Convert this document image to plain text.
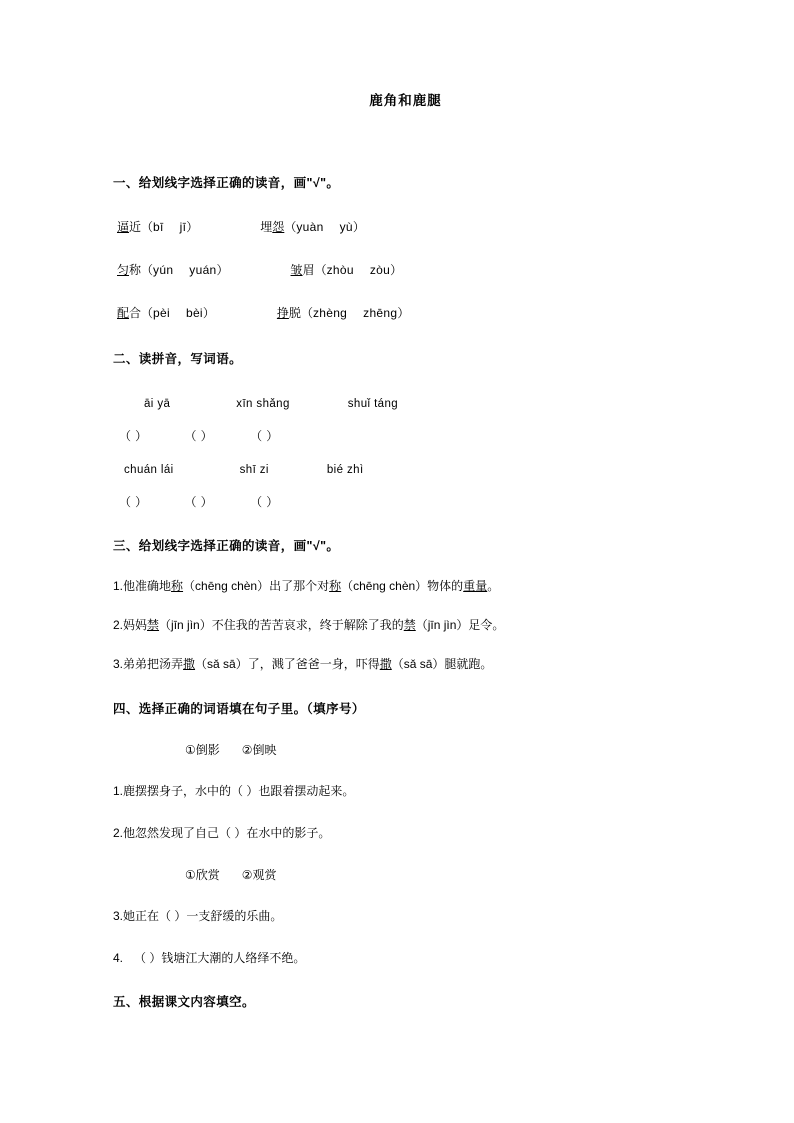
鹿角和鹿腿
一、给划线字选择正确的读音，画"√"。
逼近（bī jī）	埋怨（yuàn yù）
匀称（yún yuán）	皱眉（zhòu zòu）
配合（pèi bèi）	挣脱（zhèng zhēng）
二、读拼音，写词语。
āi yā	xīn shǎng	shuǐ táng
（ ）	（ ）	（ ）
chuán lái	shī zi	bié zhì
（ ）	（ ）	（ ）
三、给划线字选择正确的读音，画"√"。
1.他准确地称（chēng chèn）出了那个对称（chēng chèn）物体的重量。
2.妈妈禁（jīn jìn）不住我的苦苦哀求，终于解除了我的禁（jīn jìn）足令。
3.弟弟把汤弄撒（sǎ sā）了，溅了爸爸一身，吓得撒（sǎ sā）腿就跑。
四、选择正确的词语填在句子里。（填序号）
①倒影 ②倒映
1.鹿摆摆身子，水中的（ ）也跟着摆动起来。
2.他忽然发现了自己（ ）在水中的影子。
①欣赏 ②观赏
3.她正在（ ）一支舒缓的乐曲。
4. （ ）钱塘江大潮的人络绎不绝。
五、根据课文内容填空。
